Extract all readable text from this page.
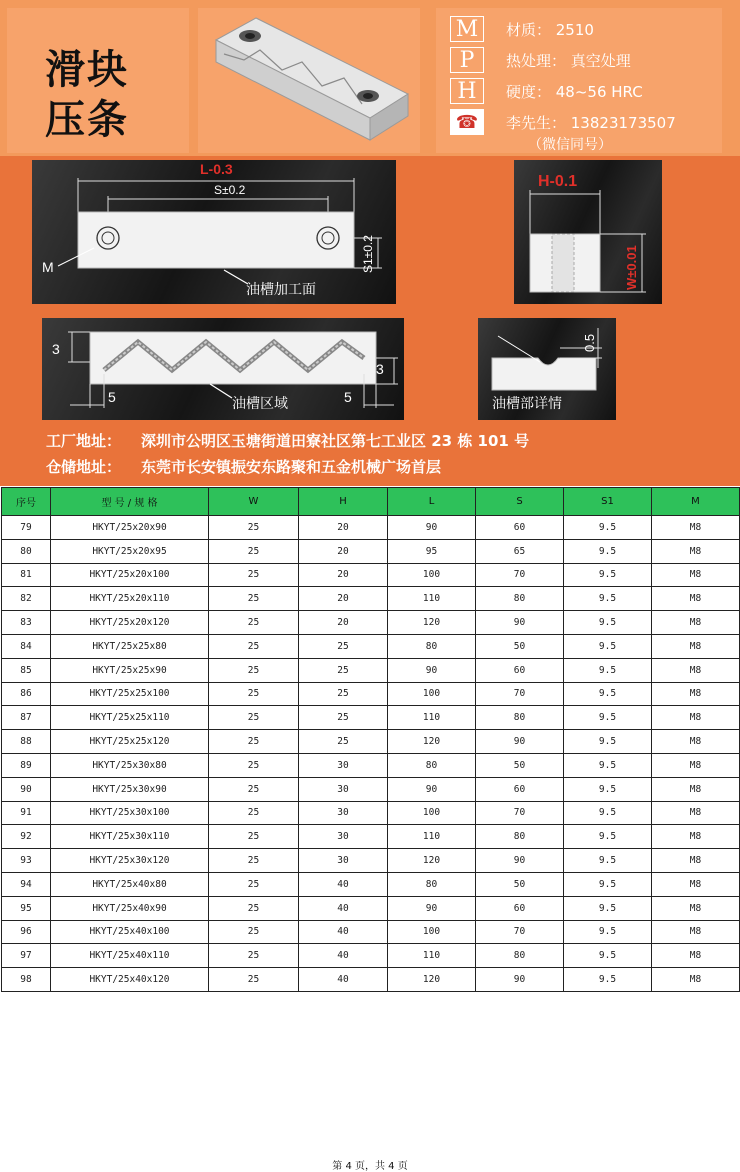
滑块
压条
M	材质： 2510
P	热处理： 真空处理
H	硬度： 48~56 HRC
☎	李先生： 13823173507
（微信同号）
L-0.3
S±0.2
M	S1±0.2
油槽加工面
H-0.1
W±0.01
3
3
5	5
油槽区域
0.5
油槽部详情
工厂地址： 深圳市公明区玉塘街道田寮社区第七工业区 23 栋 101 号
仓储地址： 东莞市长安镇振安东路聚和五金机械广场首层
序号	型 号 / 规 格	W	H	L	S	S1	M
79	HKYT/25x20x90	25	20	90	60	9.5	M8
80	HKYT/25x20x95	25	20	95	65	9.5	M8
81	HKYT/25x20x100	25	20	100	70	9.5	M8
82	HKYT/25x20x110	25	20	110	80	9.5	M8
83	HKYT/25x20x120	25	20	120	90	9.5	M8
84	HKYT/25x25x80	25	25	80	50	9.5	M8
85	HKYT/25x25x90	25	25	90	60	9.5	M8
86	HKYT/25x25x100	25	25	100	70	9.5	M8
87	HKYT/25x25x110	25	25	110	80	9.5	M8
88	HKYT/25x25x120	25	25	120	90	9.5	M8
89	HKYT/25x30x80	25	30	80	50	9.5	M8
90	HKYT/25x30x90	25	30	90	60	9.5	M8
91	HKYT/25x30x100	25	30	100	70	9.5	M8
92	HKYT/25x30x110	25	30	110	80	9.5	M8
93	HKYT/25x30x120	25	30	120	90	9.5	M8
94	HKYT/25x40x80	25	40	80	50	9.5	M8
95	HKYT/25x40x90	25	40	90	60	9.5	M8
96	HKYT/25x40x100	25	40	100	70	9.5	M8
97	HKYT/25x40x110	25	40	110	80	9.5	M8
98	HKYT/25x40x120	25	40	120	90	9.5	M8
第 4 页，共 4 页
